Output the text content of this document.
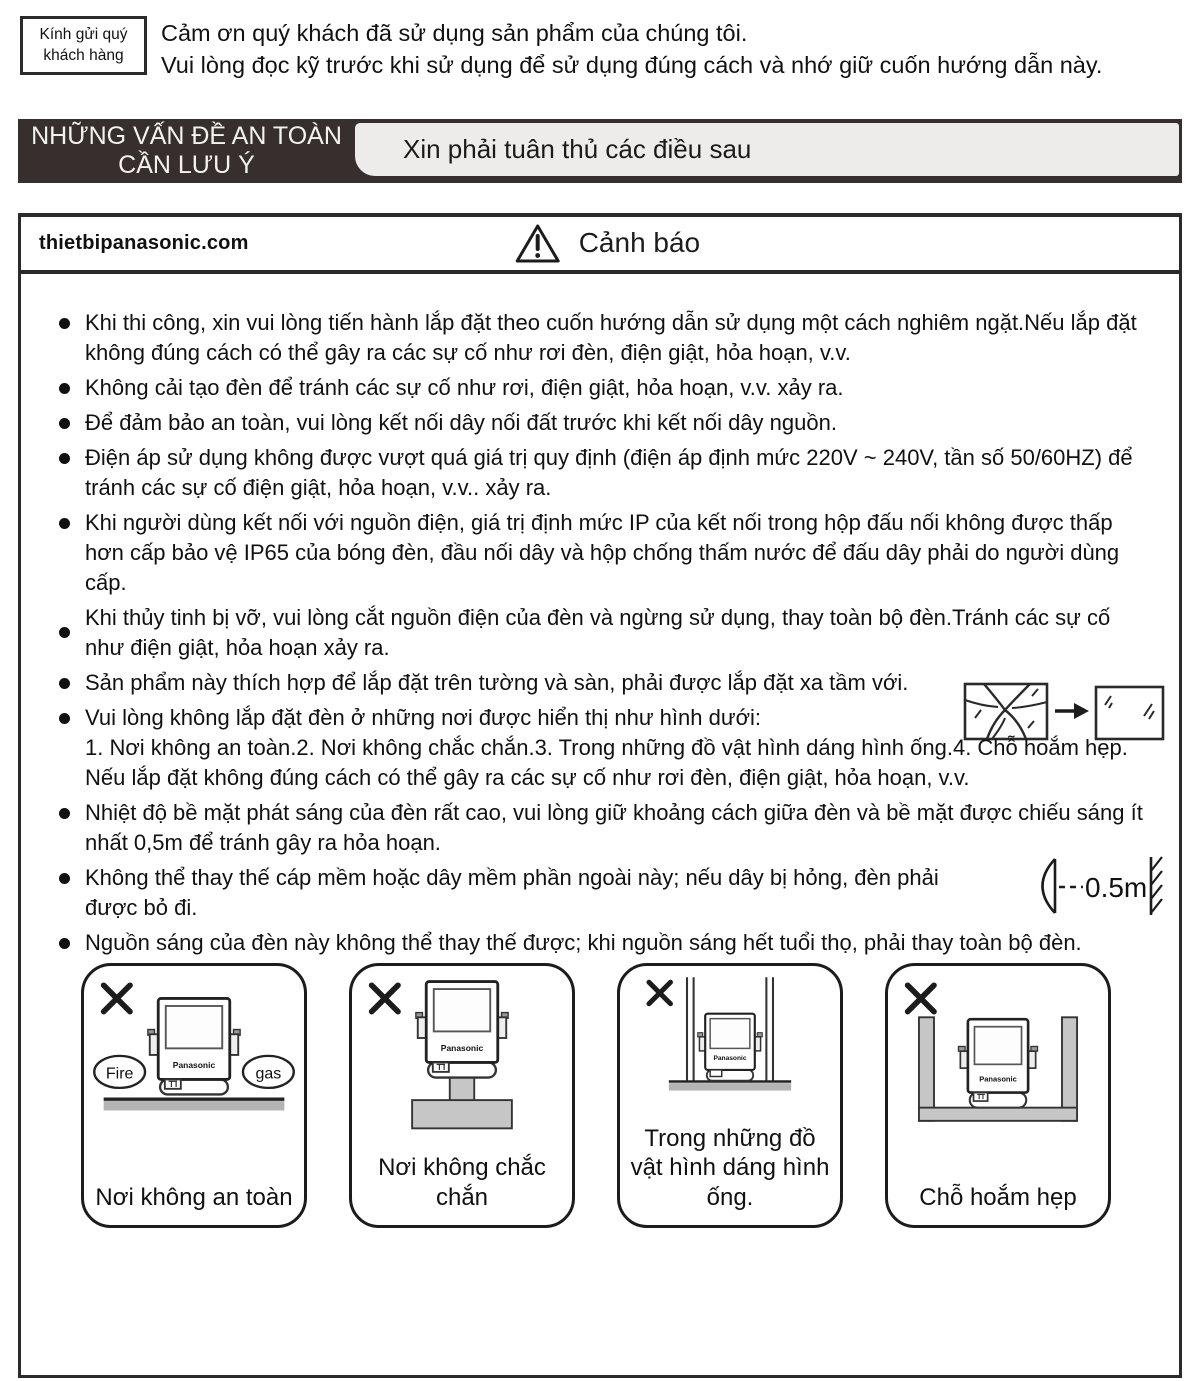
Kính gửi quý khách hàng

Cảm ơn quý khách đã sử dụng sản phẩm của chúng tôi.

Vui lòng đọc kỹ trước khi sử dụng để sử dụng đúng cách và nhớ giữ cuốn hướng dẫn này.

NHỮNG VẤN ĐỀ AN TOÀN CẦN LƯU Ý
Xin phải tuân thủ các điều sau
thietbipanasonic.com	Cảnh báo
Khi thi công, xin vui lòng tiến hành lắp đặt theo cuốn hướng dẫn sử dụng một cách nghiêm ngặt.Nếu lắp đặt không đúng cách có thể gây ra các sự cố như rơi đèn, điện giật, hỏa hoạn, v.v.
Không cải tạo đèn để tránh các sự cố như rơi, điện giật, hỏa hoạn, v.v. xảy ra.
Để đảm bảo an toàn, vui lòng kết nối dây nối đất trước khi kết nối dây nguồn.
Điện áp sử dụng không được vượt quá giá trị quy định (điện áp định mức 220V ~ 240V, tần số 50/60HZ) để tránh các sự cố điện giật, hỏa hoạn, v.v.. xảy ra.
Khi người dùng kết nối với nguồn điện, giá trị định mức IP của kết nối trong hộp đấu nối không được thấp hơn cấp bảo vệ IP65 của bóng đèn, đầu nối dây và hộp chống thấm nước để đấu dây phải do người dùng cấp.
Khi thủy tinh bị vỡ, vui lòng cắt nguồn điện của đèn và ngừng sử dụng, thay toàn bộ đèn.Tránh các sự cố như điện giật, hỏa hoạn xảy ra.
Sản phẩm này thích hợp để lắp đặt trên tường và sàn, phải được lắp đặt xa tầm với.

Vui lòng không lắp đặt đèn ở những nơi được hiển thị như hình dưới:

1. Nơi không an toàn.2. Nơi không chắc chắn.3. Trong những đồ vật hình dáng hình ống.4. Chỗ hoắm hẹp.

Nếu lắp đặt không đúng cách có thể gây ra các sự cố như rơi đèn, điện giật, hỏa hoạn, v.v.

Nhiệt độ bề mặt phát sáng của đèn rất cao, vui lòng giữ khoảng cách giữa đèn và bề mặt được chiếu sáng ít nhất 0,5m để tránh gây ra hỏa hoạn.
Không thể thay thế cáp mềm hoặc dây mềm phần ngoài này; nếu dây bị hỏng, đèn phải được bỏ đi.
0.5m
Nguồn sáng của đèn này không thể thay thế được; khi nguồn sáng hết tuổi thọ, phải thay toàn bộ đèn.
Panasonic
Fire	gas
Nơi không an toàn
Panasonic
Nơi không chắc chắn
Panasonic
Trong những đồ vật hình dáng hình ống.
Panasonic
Chỗ hoắm hẹp
